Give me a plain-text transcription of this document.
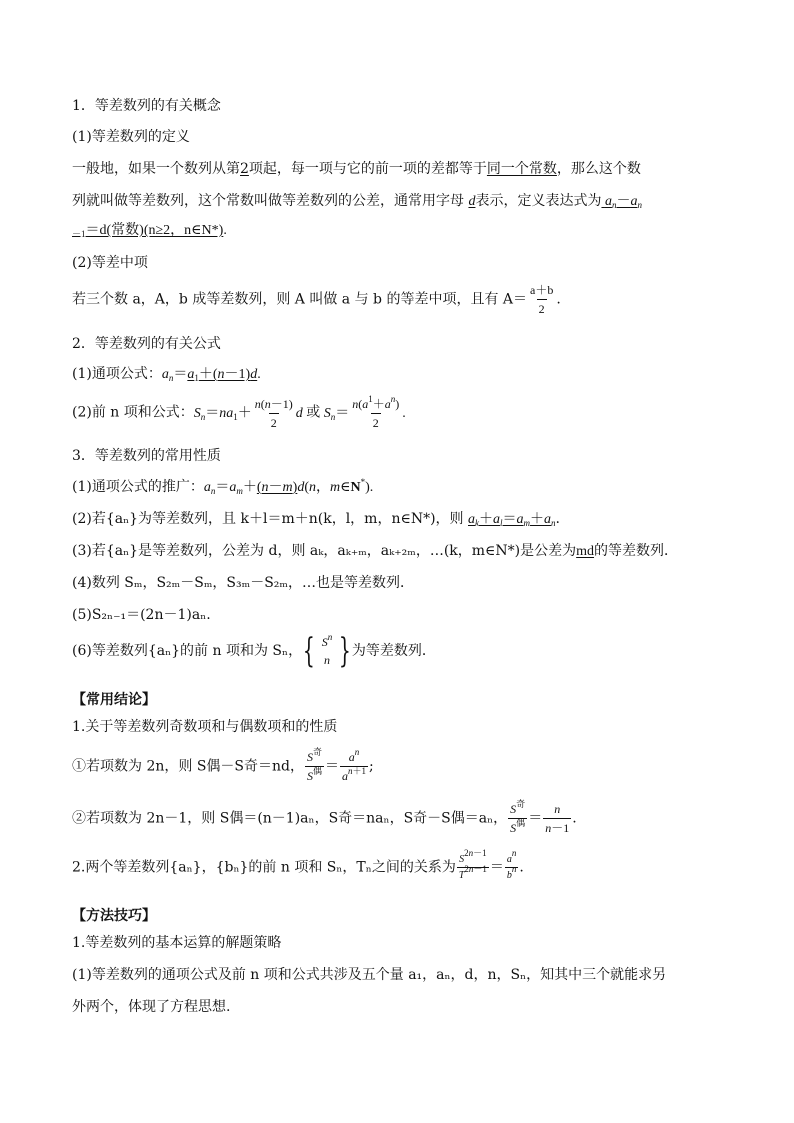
1．等差数列的有关概念
(1)等差数列的定义
一般地，如果一个数列从第2项起，每一项与它的前一项的差都等于同一个常数，那么这个数
列就叫做等差数列，这个常数叫做等差数列的公差，通常用字母 d表示，定义表达式为 $a_n-a_n$
$_{-1}$＝d(常数)(n≥2，n∈N*).
(2)等差中项
若三个数 a，A，b 成等差数列，则 A 叫做 a 与 b 的等差中项，且有 $A= \frac{a+b}{2}$ .
2．等差数列的有关公式
(1)通项公式：$a_n=a_1+(n-1)d$.
(2)前 n 项和公式：$S_n=na_1+ \frac{n(n-1)}{2}$ d 或 $S_n= \frac{n(a^1+a^n)}{2}$ .
3．等差数列的常用性质
(1)通项公式的推广：$a_n=a_m+(n-m)d(n$，m∈N*).
(2)若{aₙ}为等差数列，且 k＋l＝m＋n(k，l，m，n∈N*)，则 $a_k+a_l=a_m+a_n$.
(3)若{aₙ}是等差数列，公差为 d，则 aₖ，aₖ₊ₘ，aₖ₊₂ₘ，…(k，m∈N*)是公差为md的等差数列．
(4)数列 Sₘ，S₂ₘ－Sₘ，S₃ₘ－S₂ₘ，…也是等差数列．
(5)S₂ₙ₋₁＝(2n－1)aₙ.
(6)等差数列{aₙ}的前 n 项和为 Sₙ，{ $S^n$
n }为等差数列．
【常用结论】
1.关于等差数列奇数项和与偶数项和的性质
①若项数为 2n，则 S偶－S奇＝nd， $\frac{S^奇}{S^偶} = \frac{a^n}{a^{n+1}}$ ;
②若项数为 2n－1，则 S偶＝(n－1)aₙ，S奇＝naₙ，S奇－S偶＝aₙ， $\frac{S^奇}{S^偶} = \frac{n}{n-1}$ .
2.两个等差数列{aₙ}，{bₙ}的前 n 项和 Sₙ，Tₙ之间的关系为 $\frac{S^{2n-1}}{T^{2n-1}} = \frac{a^n}{b^n}$ .
【方法技巧】
1.等差数列的基本运算的解题策略
(1)等差数列的通项公式及前 n 项和公式共涉及五个量 a₁，aₙ，d，n，Sₙ，知其中三个就能求另
外两个，体现了方程思想.
